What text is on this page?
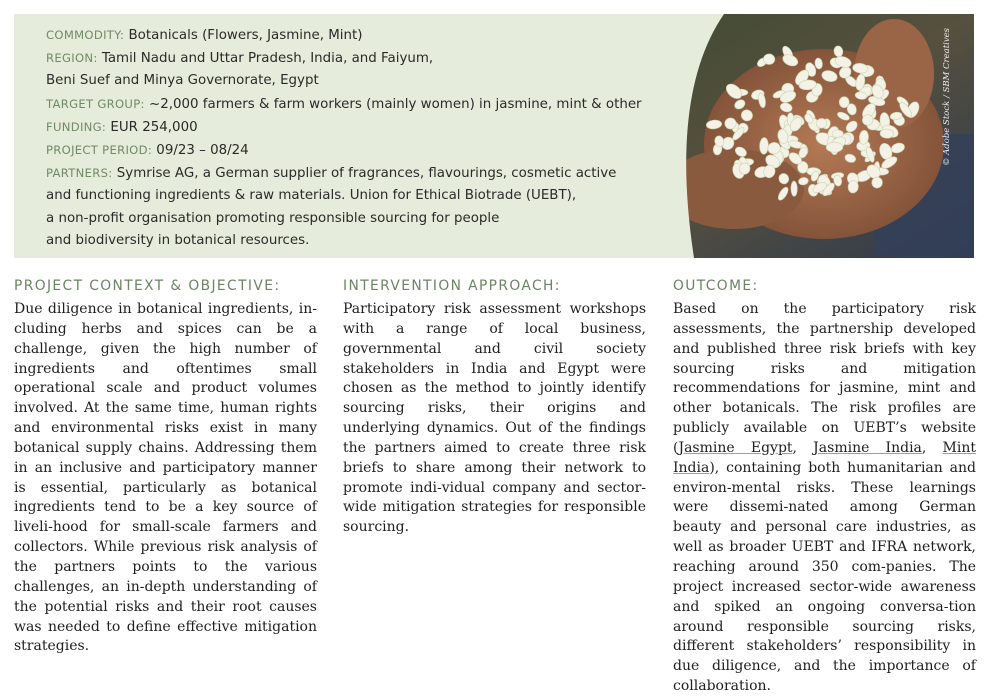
COMMODITY: Botanicals (Flowers, Jasmine, Mint)
REGION: Tamil Nadu and Uttar Pradesh, India, and Faiyum,
Beni Suef and Minya Governorate, Egypt
TARGET GROUP: ~2,000 farmers & farm workers (mainly women) in jasmine, mint & other
FUNDING: EUR 254,000
PROJECT PERIOD: 09/23 – 08/24
PARTNERS: Symrise AG, a German supplier of fragrances, flavourings, cosmetic active
and functioning ingredients & raw materials. Union for Ethical Biotrade (UEBT),
a non-profit organisation promoting responsible sourcing for people
and biodiversity in botanical resources.
© Adobe Stock / SBM Creatives
PROJECT CONTEXT & OBJECTIVE:

Due diligence in botanical ingredients, in-cluding herbs and spices can be a challenge, given the high number of ingredients and oftentimes small operational scale and product volumes involved. At the same time, human rights and environmental risks exist in many botanical supply chains. Addressing them in an inclusive and participatory manner is essential, particularly as botanical ingredients tend to be a key source of liveli-hood for small-scale farmers and collectors. While previous risk analysis of the partners points to the various challenges, an in-depth understanding of the potential risks and their root causes was needed to define effective mitigation strategies.

INTERVENTION APPROACH:

Participatory risk assessment workshops with a range of local business, governmental and civil society stakeholders in India and Egypt were chosen as the method to jointly identify sourcing risks, their origins and underlying dynamics. Out of the findings the partners aimed to create three risk briefs to share among their network to promote indi-vidual company and sector-wide mitigation strategies for responsible sourcing.

OUTCOME:

Based on the participatory risk assessments, the partnership developed and published three risk briefs with key sourcing risks and mitigation recommendations for jasmine, mint and other botanicals. The risk profiles are publicly available on UEBT’s website (Jasmine Egypt, Jasmine India, Mint India), containing both humanitarian and environ-mental risks. These learnings were dissemi-nated among German beauty and personal care industries, as well as broader UEBT and IFRA network, reaching around 350 com-panies. The project increased sector-wide awareness and spiked an ongoing conversa-tion around responsible sourcing risks, different stakeholders’ responsibility in due diligence, and the importance of collaboration.
